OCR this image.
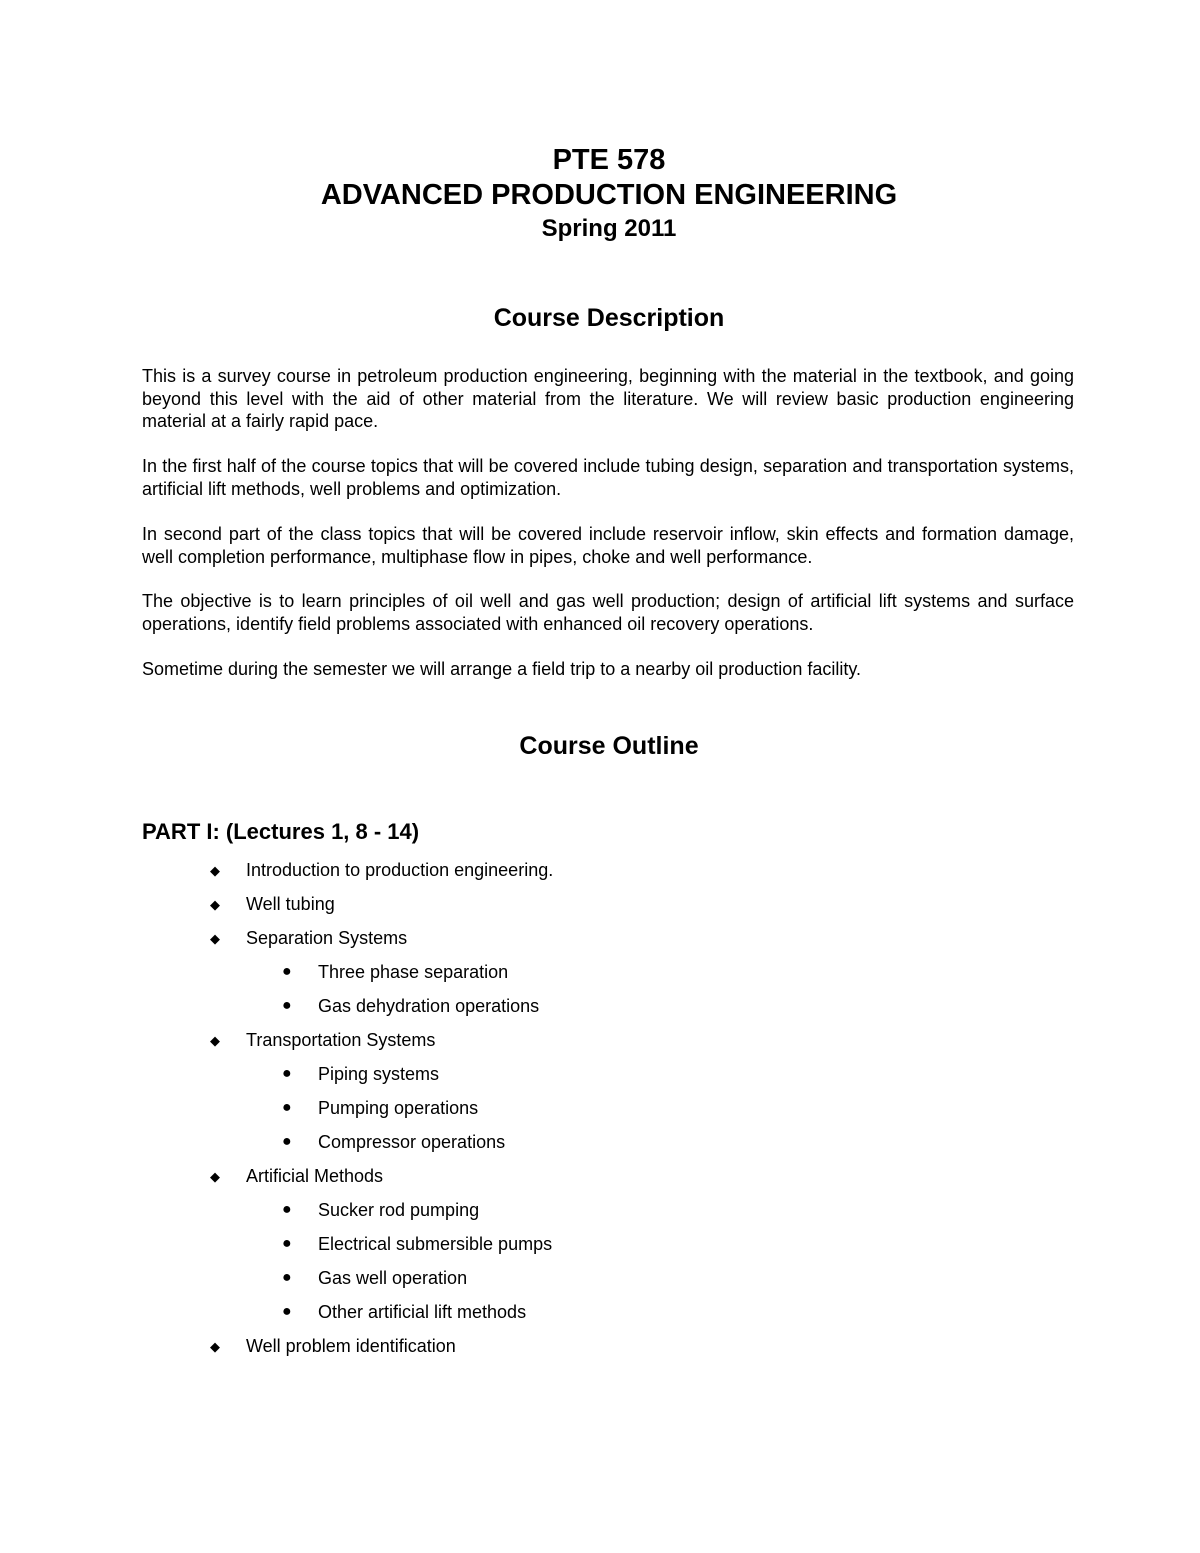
PTE 578
ADVANCED PRODUCTION ENGINEERING
Spring 2011
Course Description

This is a survey course in petroleum production engineering, beginning with the material in the textbook, and going beyond this level with the aid of other material from the literature. We will review basic production engineering material at a fairly rapid pace.

In the first half of the course topics that will be covered include tubing design, separation and transportation systems, artificial lift methods, well problems and optimization.

In second part of the class topics that will be covered include reservoir inflow, skin effects and formation damage, well completion performance, multiphase flow in pipes, choke and well performance.

The objective is to learn principles of oil well and gas well production; design of artificial lift systems and surface operations, identify field problems associated with enhanced oil recovery operations.

Sometime during the semester we will arrange a field trip to a nearby oil production facility.

Course Outline
PART I: (Lectures 1, 8 - 14)
◆ Introduction to production engineering.
◆ Well tubing
◆ Separation Systems
● Three phase separation
● Gas dehydration operations
◆ Transportation Systems
● Piping systems
● Pumping operations
● Compressor operations
◆ Artificial Methods
● Sucker rod pumping
● Electrical submersible pumps
● Gas well operation
● Other artificial lift methods
◆ Well problem identification
